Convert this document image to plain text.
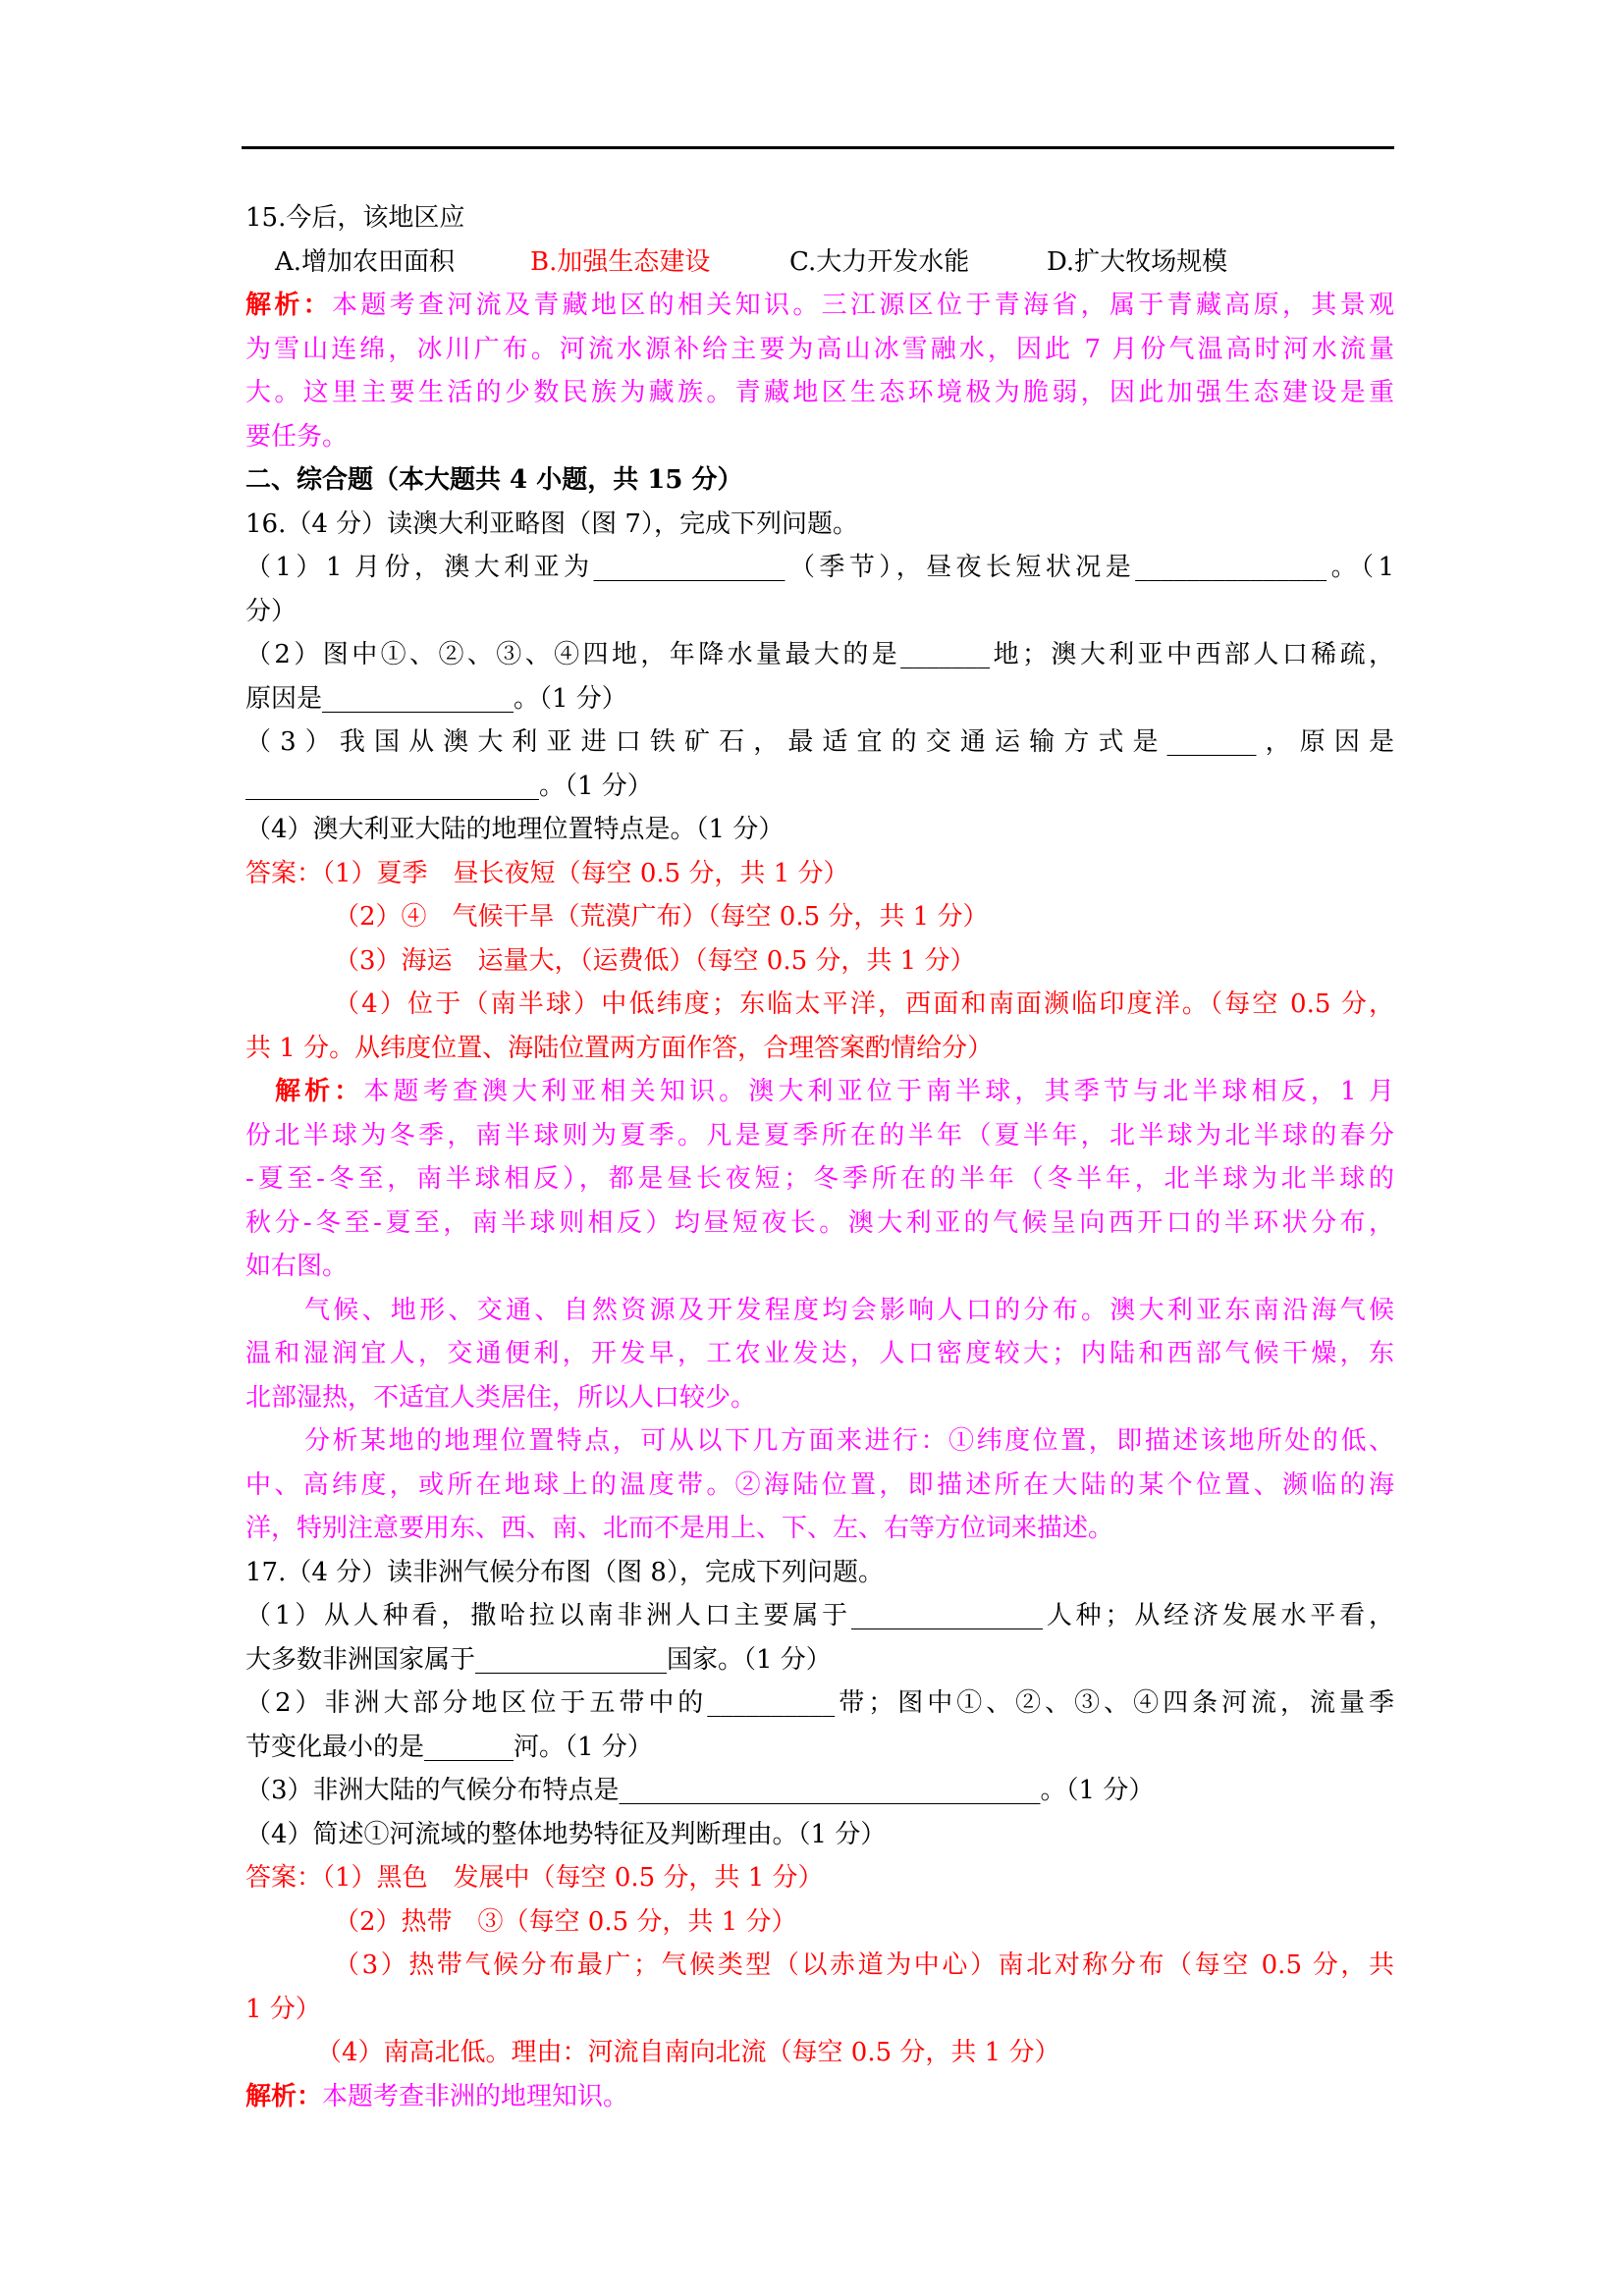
15.今后，该地区应
A.增加农田面积	B.加强生态建设	C.大力开发水能	D.扩大牧场规模
解析：本题考查河流及青藏地区的相关知识。三江源区位于青海省，属于青藏高原，其景观
为雪山连绵，冰川广布。河流水源补给主要为高山冰雪融水，因此 7 月份气温高时河水流量
大。这里主要生活的少数民族为藏族。青藏地区生态环境极为脆弱，因此加强生态建设是重
要任务。
二、综合题（本大题共 4 小题，共 15 分）
16.（4 分）读澳大利亚略图（图 7），完成下列问题。
（1）1 月份，澳大利亚为_______________（季节），昼夜长短状况是_______________。（1
分）
（2）图中①、②、③、④四地，年降水量最大的是_______地；澳大利亚中西部人口稀疏，
原因是_______________。（1 分）
（3）我国从澳大利亚进口铁矿石，最适宜的交通运输方式是_______，原因是
_______________________。（1 分）
（4）澳大利亚大陆的地理位置特点是。（1 分）
答案：（1）夏季　昼长夜短（每空 0.5 分，共 1 分）
（2）④　气候干旱（荒漠广布）（每空 0.5 分，共 1 分）
（3）海运　运量大，（运费低）（每空 0.5 分，共 1 分）
（4）位于（南半球）中低纬度；东临太平洋，西面和南面濒临印度洋。（每空 0.5 分，
共 1 分。从纬度位置、海陆位置两方面作答，合理答案酌情给分）
解析：本题考查澳大利亚相关知识。澳大利亚位于南半球，其季节与北半球相反，1 月
份北半球为冬季，南半球则为夏季。凡是夏季所在的半年（夏半年，北半球为北半球的春分
-夏至-冬至，南半球相反），都是昼长夜短；冬季所在的半年（冬半年，北半球为北半球的
秋分-冬至-夏至，南半球则相反）均昼短夜长。澳大利亚的气候呈向西开口的半环状分布，
如右图。
气候、地形、交通、自然资源及开发程度均会影响人口的分布。澳大利亚东南沿海气候
温和湿润宜人，交通便利，开发早，工农业发达，人口密度较大；内陆和西部气候干燥，东
北部湿热，不适宜人类居住，所以人口较少。
分析某地的地理位置特点，可从以下几方面来进行：①纬度位置，即描述该地所处的低、
中、高纬度，或所在地球上的温度带。②海陆位置，即描述所在大陆的某个位置、濒临的海
洋，特别注意要用东、西、南、北而不是用上、下、左、右等方位词来描述。
17.（4 分）读非洲气候分布图（图 8），完成下列问题。
（1）从人种看，撒哈拉以南非洲人口主要属于_______________人种；从经济发展水平看，
大多数非洲国家属于_______________国家。（1 分）
（2）非洲大部分地区位于五带中的__________带；图中①、②、③、④四条河流，流量季
节变化最小的是_______河。（1 分）
（3）非洲大陆的气候分布特点是_________________________________。（1 分）
（4）简述①河流域的整体地势特征及判断理由。（1 分）
答案：（1）黑色　发展中（每空 0.5 分，共 1 分）
（2）热带　③（每空 0.5 分，共 1 分）
（3）热带气候分布最广；气候类型（以赤道为中心）南北对称分布（每空 0.5 分，共
1 分）
（4）南高北低。理由：河流自南向北流（每空 0.5 分，共 1 分）
解析：本题考查非洲的地理知识。
